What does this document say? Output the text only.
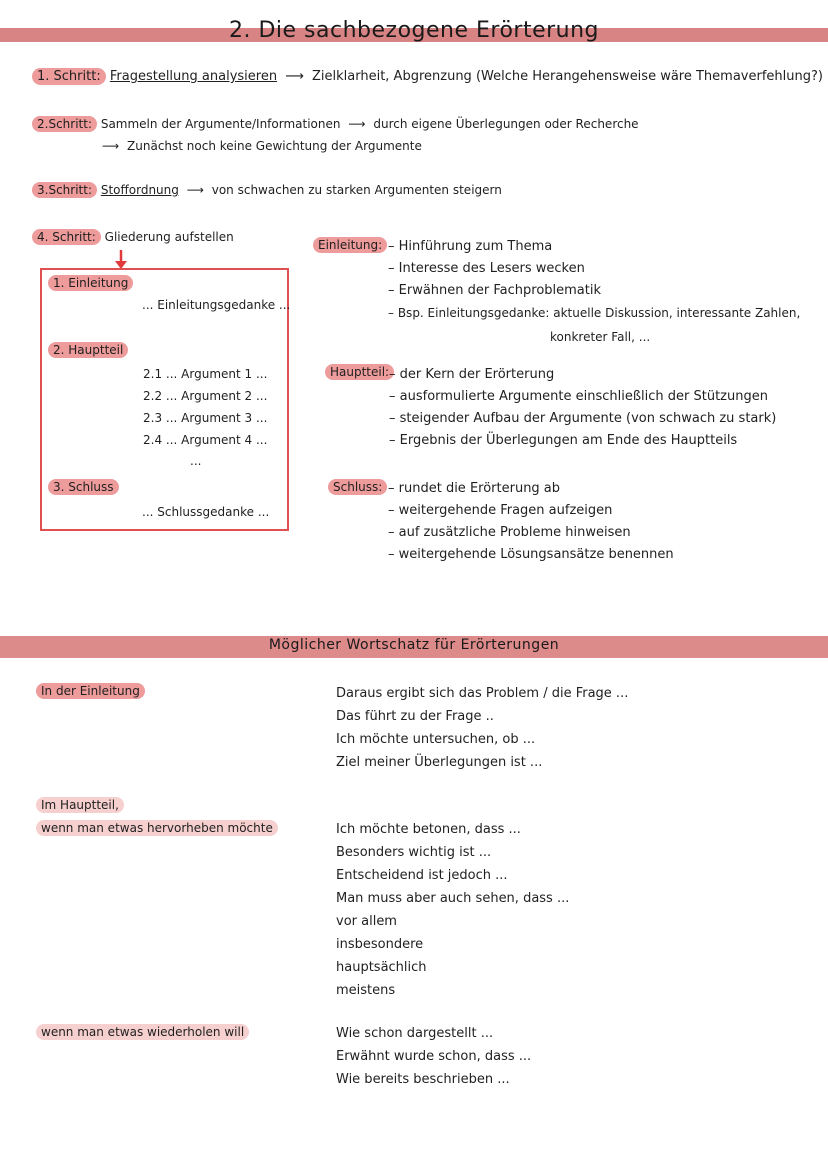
2. Die sachbezogene Erörterung
1. Schritt: Fragestellung analysieren ⟶ Zielklarheit, Abgrenzung (Welche Herangehensweise wäre Themaverfehlung?)
2.Schritt: Sammeln der Argumente/Informationen ⟶ durch eigene Überlegungen oder Recherche
⟶ Zunächst noch keine Gewichtung der Argumente
3.Schritt: Stoffordnung ⟶ von schwachen zu starken Argumenten steigern
4. Schritt: Gliederung aufstellen
1. Einleitung
... Einleitungsgedanke ...
2. Hauptteil
2.1 ... Argument 1 ...
2.2 ... Argument 2 ...
2.3 ... Argument 3 ...
2.4 ... Argument 4 ...
...
3. Schluss
... Schlussgedanke ...
Einleitung:	– Hinführung zum Thema
– Interesse des Lesers wecken
– Erwähnen der Fachproblematik
– Bsp. Einleitungsgedanke: aktuelle Diskussion, interessante Zahlen,
konkreter Fall, ...
Hauptteil: – der Kern der Erörterung
– ausformulierte Argumente einschließlich der Stützungen
– steigender Aufbau der Argumente (von schwach zu stark)
– Ergebnis der Überlegungen am Ende des Hauptteils
Schluss:	– rundet die Erörterung ab
– weitergehende Fragen aufzeigen
– auf zusätzliche Probleme hinweisen
– weitergehende Lösungsansätze benennen
Möglicher Wortschatz für Erörterungen
In der Einleitung	Daraus ergibt sich das Problem / die Frage ...
Das führt zu der Frage ..
Ich möchte untersuchen, ob ...
Ziel meiner Überlegungen ist ...
Im Hauptteil,
wenn man etwas hervorheben möchte	Ich möchte betonen, dass ...
Besonders wichtig ist ...
Entscheidend ist jedoch ...
Man muss aber auch sehen, dass ...
vor allem
insbesondere
hauptsächlich
meistens
wenn man etwas wiederholen will	Wie schon dargestellt ...
Erwähnt wurde schon, dass ...
Wie bereits beschrieben ...
